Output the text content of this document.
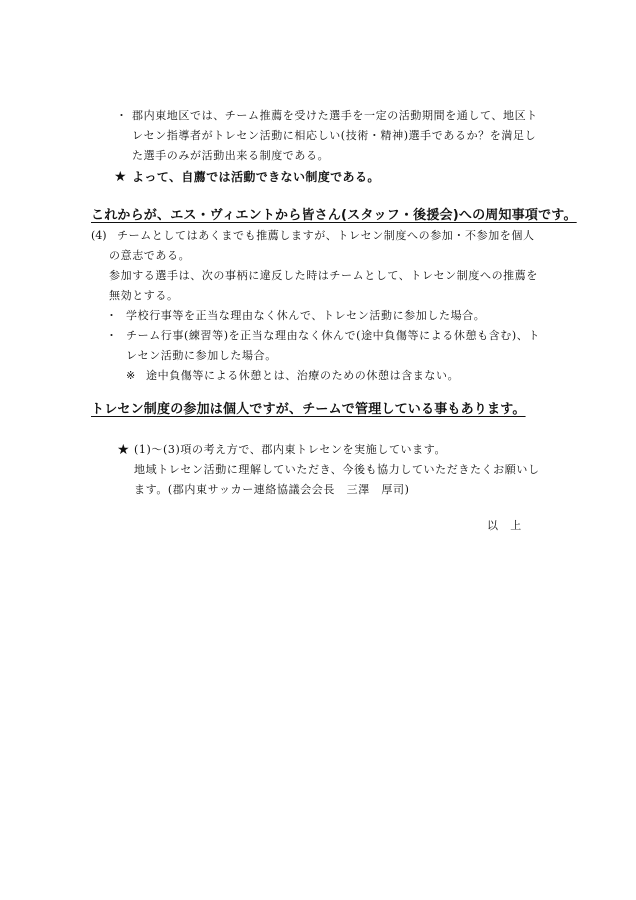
・ 郡内東地区では、チーム推薦を受けた選手を一定の活動期間を通して、地区ト
レセン指導者がトレセン活動に相応しい(技術・精神)選手であるか？を満足し
た選手のみが活動出来る制度である。
★ よって、自薦では活動できない制度である。
これからが、エス・ヴィエントから皆さん(スタッフ・後援会)への周知事項です。
(4) チームとしてはあくまでも推薦しますが、トレセン制度への参加・不参加を個人
の意志である。
参加する選手は、次の事柄に違反した時はチームとして、トレセン制度への推薦を
無効とする。
・ 学校行事等を正当な理由なく休んで、トレセン活動に参加した場合。
・ チーム行事(練習等)を正当な理由なく休んで(途中負傷等による休憩も含む)、ト
レセン活動に参加した場合。
※ 途中負傷等による休憩とは、治療のための休憩は含まない。
トレセン制度の参加は個人ですが、チームで管理している事もあります。
★ (1)～(3)項の考え方で、郡内東トレセンを実施しています。
地域トレセン活動に理解していただき、今後も協力していただきたくお願いし
ます。(郡内東サッカー連絡協議会会長　三澤　厚司)
以　上
